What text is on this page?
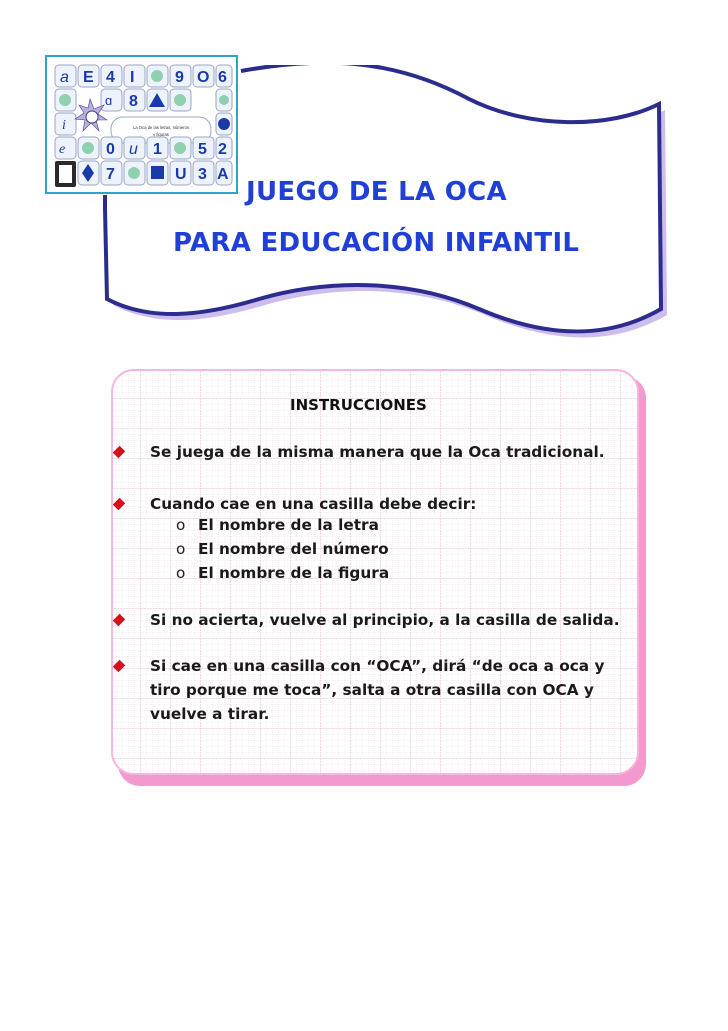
a E 4 I	9 O 6
i
e
ɑ 8
La Oca de las letras, números
y figuras
0 u 1 5 2
7	U 3 A
JUEGO DE LA OCA
PARA EDUCACIÓN INFANTIL
INSTRUCCIONES
Se juega de la misma manera que la Oca tradicional.
Cuando cae en una casilla debe decir:
o El nombre de la letra
o El nombre del número
o El nombre de la figura
Si no acierta, vuelve al principio, a la casilla de salida.
Si cae en una casilla con “OCA”, dirá “de oca a oca y
tiro porque me toca”, salta a otra casilla con OCA y
vuelve a tirar.
